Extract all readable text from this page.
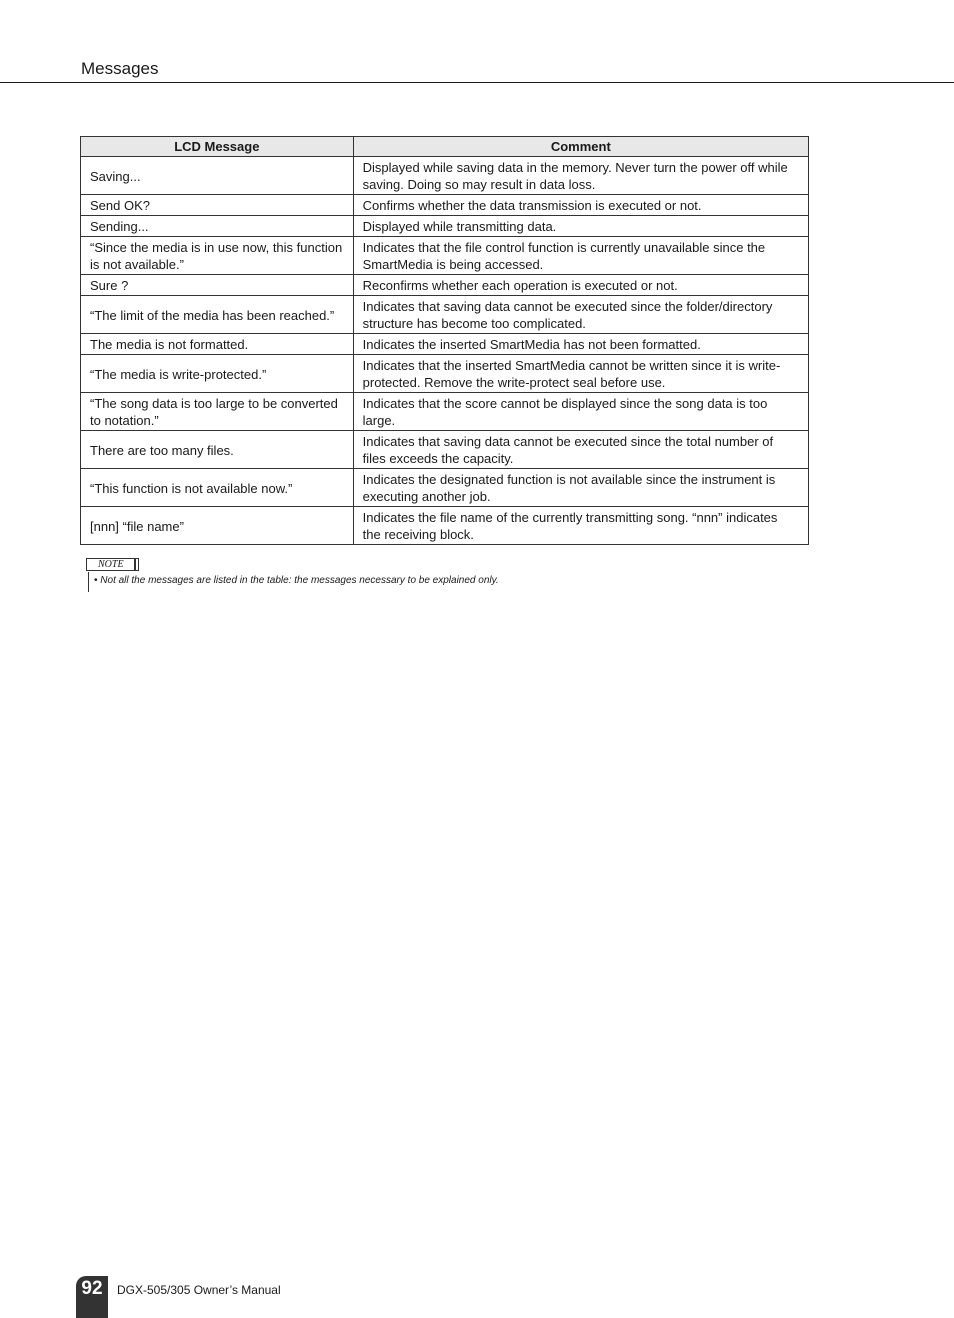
Messages
LCD Message	Comment
Saving...	Displayed while saving data in the memory. Never turn the power off while saving. Doing so may result in data loss.
Send OK?	Confirms whether the data transmission is executed or not.
Sending...	Displayed while transmitting data.
“Since the media is in use now, this function is not available.”	Indicates that the file control function is currently unavailable since the SmartMedia is being accessed.
Sure ?	Reconfirms whether each operation is executed or not.
“The limit of the media has been reached.”	Indicates that saving data cannot be executed since the folder/directory structure has become too complicated.
The media is not formatted.	Indicates the inserted SmartMedia has not been formatted.
“The media is write-protected.”	Indicates that the inserted SmartMedia cannot be written since it is write-protected. Remove the write-protect seal before use.
“The song data is too large to be converted to notation.”	Indicates that the score cannot be displayed since the song data is too large.
There are too many files.	Indicates that saving data cannot be executed since the total number of files exceeds the capacity.
“This function is not available now.”	Indicates the designated function is not available since the instrument is executing another job.
[nnn] “file name”	Indicates the file name of the currently transmitting song. “nnn” indicates the receiving block.
NOTE
• Not all the messages are listed in the table: the messages necessary to be explained only.
92	DGX-505/305 Owner’s Manual
